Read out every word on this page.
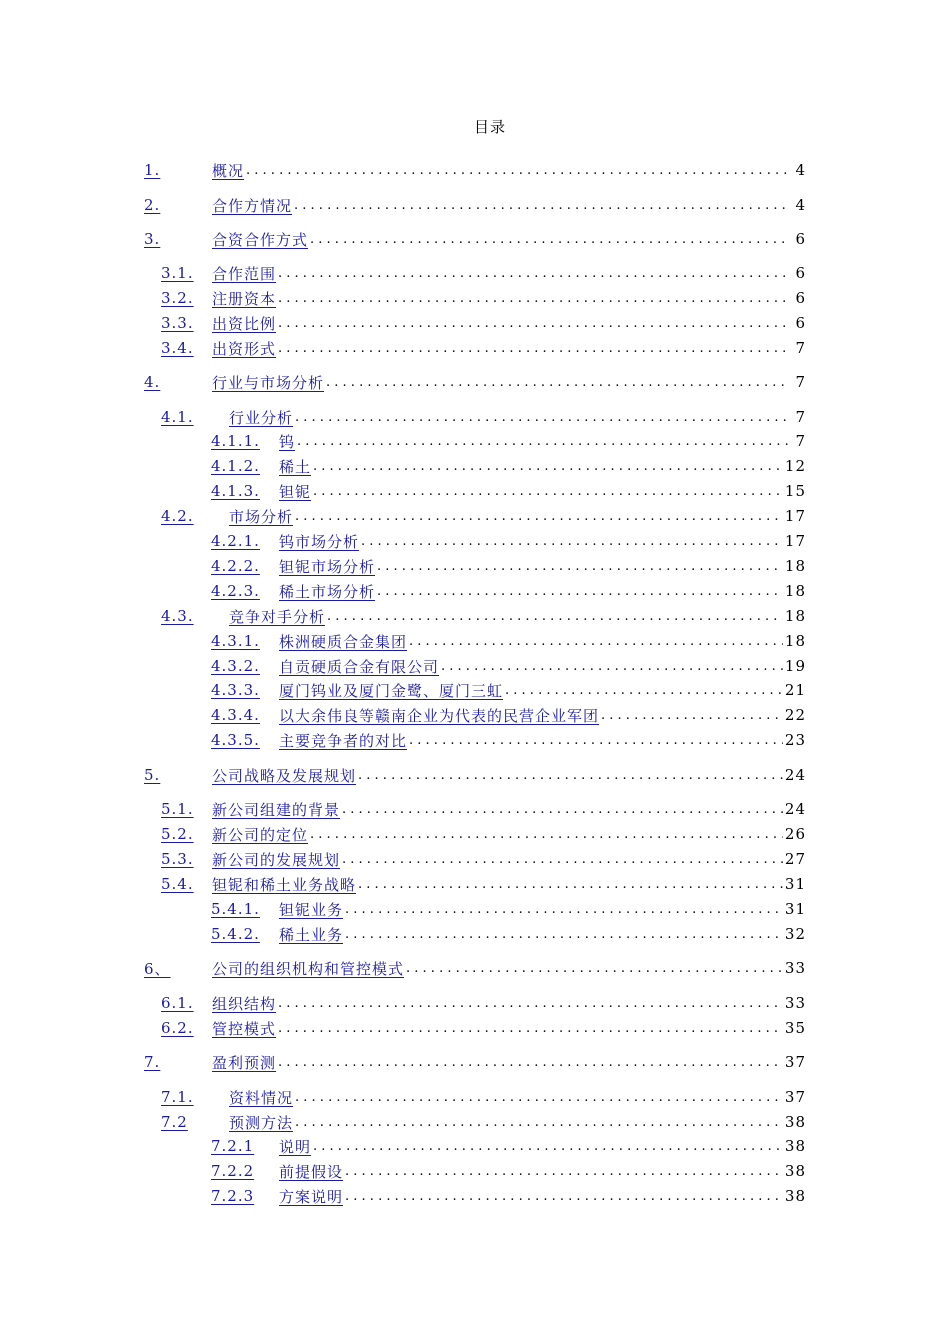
目录
1.	概况 . . .	4
2.	合作方情况 . . .	4
3.	合资合作方式 . . .	6
3.1.	合作范围 . . .	6
3.2.	注册资本 . . .	6
3.3.	出资比例 . . .	6
3.4.	出资形式 . . .	7
4.	行业与市场分析 . . .	7
4.1.	行业分析 . . .	7
4.1.1.	钨 . . .	7
4.1.2.	稀土 . . .	12
4.1.3.	钽铌 . . .	15
4.2.	市场分析 . . .	17
4.2.1.	钨市场分析 . . .	17
4.2.2.	钽铌市场分析 . . .	18
4.2.3.	稀土市场分析 . . .	18
4.3.	竞争对手分析 . . .	18
4.3.1.	株洲硬质合金集团 . . .	18
4.3.2.	自贡硬质合金有限公司 . . .	19
4.3.3.	厦门钨业及厦门金鹭、厦门三虹 . . .	21
4.3.4.	以大余伟良等赣南企业为代表的民营企业军团 . . .	22
4.3.5.	主要竞争者的对比 . . .	23
5.	公司战略及发展规划 . . .	24
5.1.	新公司组建的背景 . . .	24
5.2.	新公司的定位 . . .	26
5.3.	新公司的发展规划 . . .	27
5.4.	钽铌和稀土业务战略 . . .	31
5.4.1.	钽铌业务 . . .	31
5.4.2.	稀土业务 . . .	32
6、	公司的组织机构和管控模式 . . .	33
6.1.	组织结构 . . .	33
6.2.	管控模式 . . .	35
7.	盈利预测 . . .	37
7.1.	资料情况 . . .	37
7.2	预测方法 . . .	38
7.2.1	说明 . . .	38
7.2.2	前提假设 . . .	38
7.2.3	方案说明 . . .	38
